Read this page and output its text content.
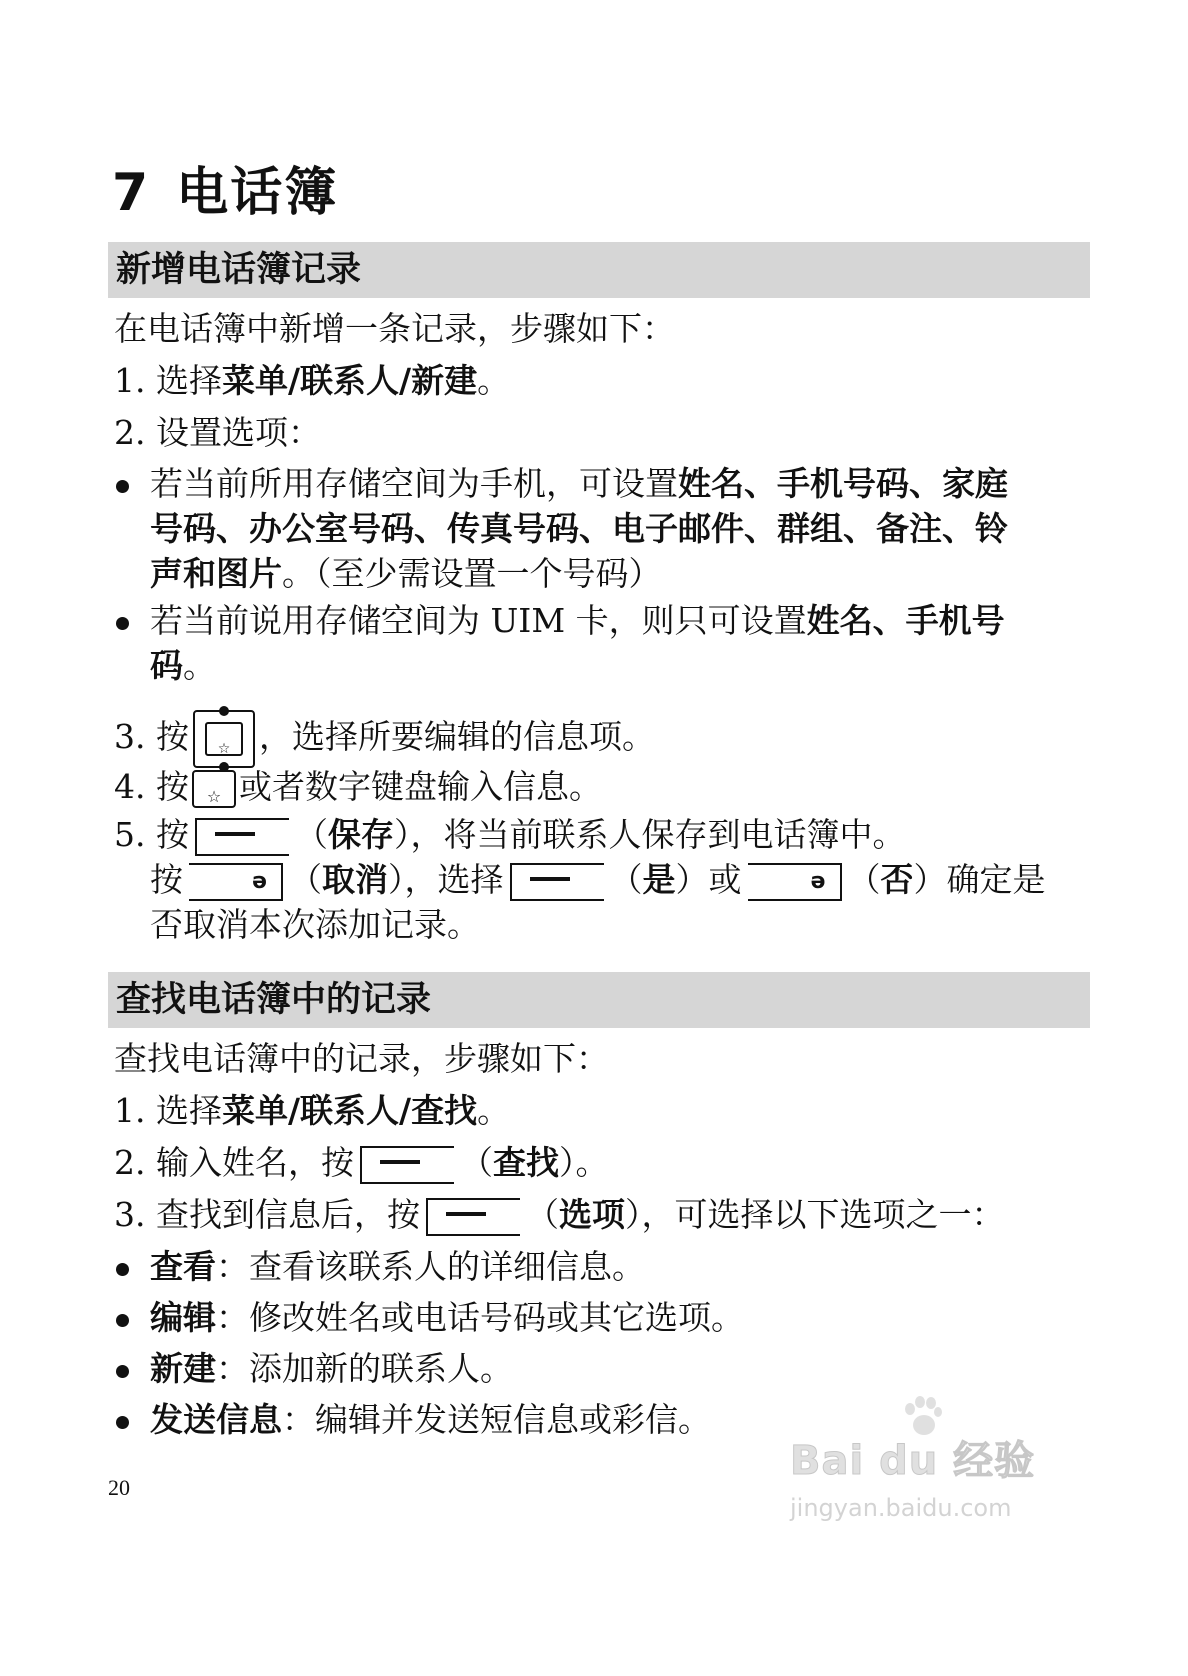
7 电话簿
新增电话簿记录
在电话簿中新增一条记录，步骤如下：
1. 选择菜单/联系人/新建。
2. 设置选项：
若当前所用存储空间为手机，可设置姓名、手机号码、家庭
号码、办公室号码、传真号码、电子邮件、群组、备注、铃
声和图片。（至少需设置一个号码）
若当前说用存储空间为 UIM 卡，则只可设置姓名、手机号
码。
3. 按 ☆ ，选择所要编辑的信息项。
4. 按 ☆ 或者数字键盘输入信息。
5. 按	（保存），将当前联系人保存到电话簿中。
按	ə （取消），选择	（是）或	ə （否）确定是
否取消本次添加记录。
查找电话簿中的记录
查找电话簿中的记录，步骤如下：
1. 选择菜单/联系人/查找。
2. 输入姓名，按	（查找）。
3. 查找到信息后，按	（选项），可选择以下选项之一：
查看：查看该联系人的详细信息。
编辑：修改姓名或电话号码或其它选项。
新建：添加新的联系人。
发送信息：编辑并发送短信息或彩信。
20
Bai du 经验
jingyan.baidu.com
